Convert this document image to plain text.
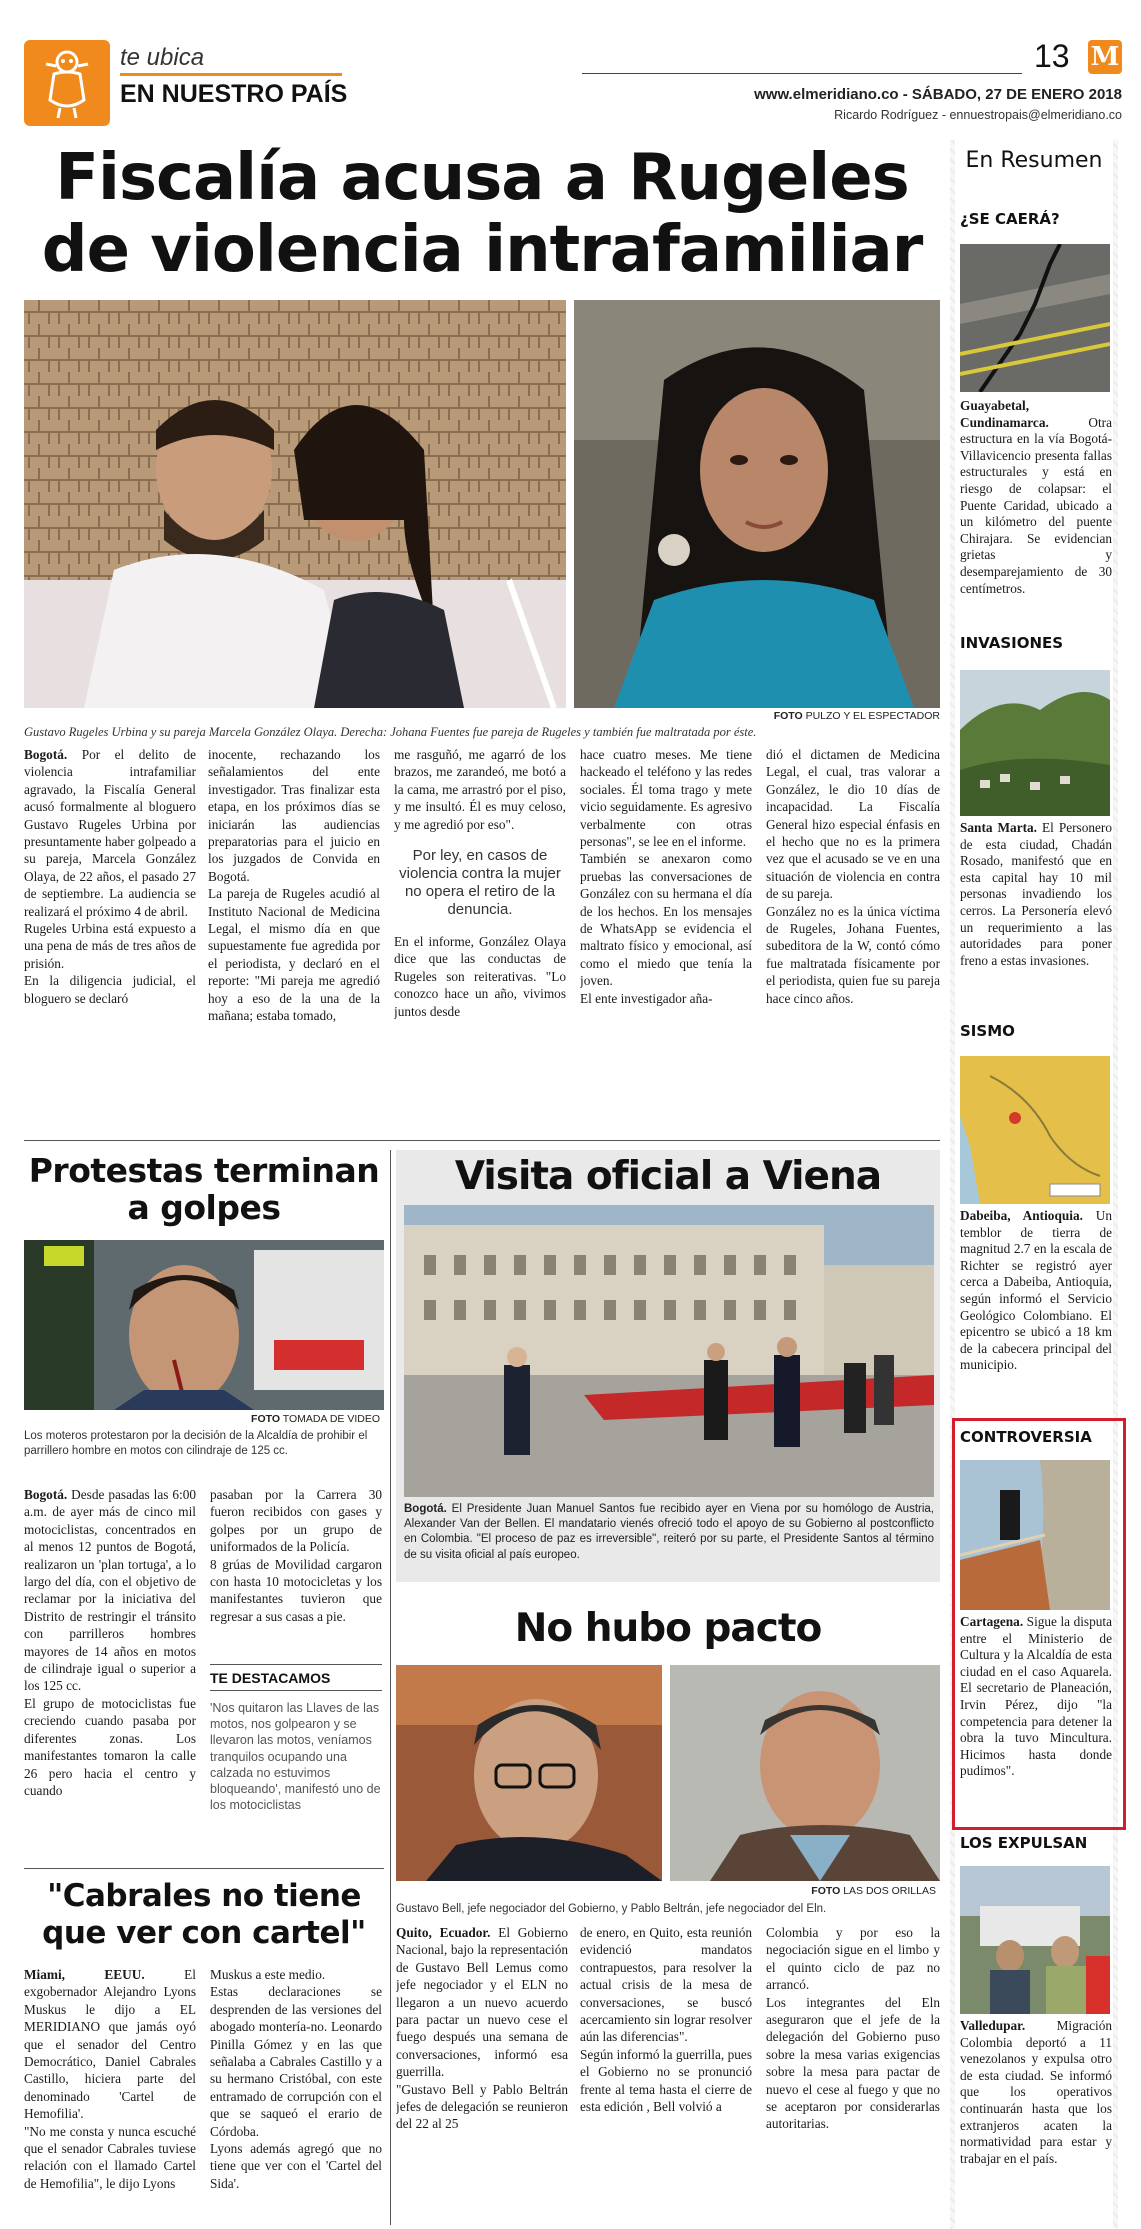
te ubica
EN NUESTRO PAÍS
13 M
www.elmeridiano.co - SÁBADO, 27 DE ENERO 2018
Ricardo Rodríguez - ennuestropais@elmeridiano.co
Fiscalía acusa a Rugeles
de violencia intrafamiliar
FOTO PULZO Y EL ESPECTADOR
Gustavo Rugeles Urbina y su pareja Marcela González Olaya. Derecha: Johana Fuentes fue pareja de Rugeles y también fue maltratada por éste.

Bogotá. Por el delito de violencia intrafamiliar agravado, la Fiscalía General acusó formalmente al bloguero Gustavo Rugeles Urbina por presuntamente haber golpeado a su pareja, Marcela González Olaya, de 22 años, el pasado 27 de septiembre. La audiencia se realizará el próximo 4 de abril.

Rugeles Urbina está expuesto a una pena de más de tres años de prisión.

En la diligencia judicial, el bloguero se declaró

inocente, rechazando los señalamientos del ente investigador. Tras finalizar esta etapa, en los próximos días se iniciarán las audiencias preparatorias para el juicio en los juzgados de Convida en Bogotá.

La pareja de Rugeles acudió al Instituto Nacional de Medicina Legal, el mismo día en que supuestamente fue agredida por el periodista, y declaró en el reporte: "Mi pareja me agredió hoy a eso de la una de la mañana; estaba tomado,

me rasguñó, me agarró de los brazos, me zarandeó, me botó a la cama, me arrastró por el piso, y me insultó. Él es muy celoso, y me agredió por eso".

Por ley, en casos de violencia contra la mujer no opera el retiro de la denuncia.

En el informe, González Olaya dice que las conductas de Rugeles son reiterativas. "Lo conozco hace un año, vivimos juntos desde

hace cuatro meses. Me tiene hackeado el teléfono y las redes sociales. Él toma trago y mete vicio seguidamente. Es agresivo verbalmente con otras personas", se lee en el informe.

También se anexaron como pruebas las conversaciones de González con su hermana el día de los hechos. En los mensajes de WhatsApp se evidencia el maltrato físico y emocional, así como el miedo que tenía la joven.

El ente investigador aña-

dió el dictamen de Medicina Legal, el cual, tras valorar a González, le dio 10 días de incapacidad. La Fiscalía General hizo especial énfasis en el hecho que no es la primera vez que el acusado se ve en una situación de violencia en contra de su pareja.

González no es la única víctima de Rugeles, Johana Fuentes, subeditora de la W, contó cómo fue maltratada físicamente por el periodista, quien fue su pareja hace cinco años.

Protestas terminan
a golpes
FOTO TOMADA DE VIDEO
Los moteros protestaron por la decisión de la Alcaldía de prohibir el parrillero hombre en motos con cilindraje de 125 cc.

Bogotá. Desde pasadas las 6:00 a.m. de ayer más de cinco mil motociclistas, concentrados en al menos 12 puntos de Bogotá, realizaron un 'plan tortuga', a lo largo del día, con el objetivo de reclamar por la iniciativa del Distrito de restringir el tránsito con parrilleros hombres mayores de 14 años en motos de cilindraje igual o superior a los 125 cc.

El grupo de motociclistas fue creciendo cuando pasaba por diferentes zonas. Los manifestantes tomaron la calle 26 pero hacia el centro y cuando

pasaban por la Carrera 30 fueron recibidos con gases y golpes por un grupo de uniformados de la Policía.

8 grúas de Movilidad cargaron con hasta 10 motocicletas y los manifestantes tuvieron que regresar a sus casas a pie.

TE DESTACAMOS
'Nos quitaron las Llaves de las motos, nos golpearon y se llevaron las motos, veníamos tranquilos ocupando una calzada no estuvimos bloqueando', manifestó uno de los motociclistas
"Cabrales no tiene
que ver con cartel"

Miami, EEUU.	El exgobernador Alejandro Lyons Muskus le dijo a EL MERIDIANO que jamás oyó que el senador del Centro Democrático, Daniel Cabrales Castillo, hiciera parte del denominado 'Cartel de Hemofilia'.

"No me consta y nunca escuché que el senador Cabrales tuviese relación con el llamado Cartel de Hemofilia", le dijo Lyons

Muskus a este medio.

Estas declaraciones se desprenden de las versiones del abogado montería-no. Leonardo Pinilla Gómez y en las que señalaba a Cabrales Castillo y a su hermano Cristóbal, con este entramado de corrupción con el que se saqueó el erario de Córdoba.

Lyons además agregó que no tiene que ver con el 'Cartel del Sida'.

Visita oficial a Viena
Bogotá. El Presidente Juan Manuel Santos fue recibido ayer en Viena por su homólogo de Austria, Alexander Van der Bellen. El mandatario vienés ofreció todo el apoyo de su Gobierno al postconflicto en Colombia. "El proceso de paz es irreversible", reiteró por su parte, el Presidente Santos al término de su visita oficial al país europeo.
No hubo pacto
FOTO LAS DOS ORILLAS
Gustavo Bell, jefe negociador del Gobierno, y Pablo Beltrán, jefe negociador del Eln.

Quito, Ecuador. El Gobierno Nacional, bajo la representación de Gustavo Bell Lemus como jefe negociador y el ELN no llegaron a un nuevo acuerdo para pactar un nuevo cese el fuego después una semana de conversaciones, informó esa guerrilla.

"Gustavo Bell y Pablo Beltrán jefes de delegación se reunieron del 22 al 25

de enero, en Quito, esta reunión evidenció mandatos contrapuestos, para resolver la actual crisis de la mesa de conversaciones, se buscó acercamiento sin lograr resolver aún las diferencias".

Según informó la guerrilla, pues el Gobierno no se pronunció frente al tema hasta el cierre de esta edición , Bell volvió a

Colombia y por eso la negociación sigue en el limbo y el quinto ciclo de paz no arrancó.

Los integrantes del Eln aseguraron que el jefe de la delegación del Gobierno puso sobre la mesa varias exigencias sobre la mesa para pactar de nuevo el cese al fuego y que no se aceptaron por considerarlas autoritarias.

En Resumen
¿SE CAERÁ?
Guayabetal, Cundinamarca.	Otra estructura en la vía Bogotá-Villavicencio presenta fallas estructurales y está en riesgo de colapsar: el Puente Caridad, ubicado a un kilómetro del puente Chirajara. Se evidencian grietas y desemparejamiento de 30 centímetros.
INVASIONES
Santa Marta. El Personero de esta ciudad, Chadán Rosado, manifestó que en esta capital hay 10 mil personas invadiendo los cerros. La Personería elevó un requerimiento a las autoridades para poner freno a estas invasiones.
SISMO
Dabeiba, Antioquia. Un temblor de tierra de magnitud 2.7 en la escala de Richter se registró ayer cerca a Dabeiba, Antioquia, según informó el Servicio Geológico Colombiano. El epicentro se ubicó a 18 km de la cabecera principal del municipio.
CONTROVERSIA
Cartagena. Sigue la disputa entre el Ministerio de Cultura y la Alcaldía de esta ciudad en el caso Aquarela. El secretario de Planeación, Irvin Pérez, dijo "la competencia para detener la obra la tuvo Mincultura. Hicimos hasta donde pudimos".
LOS EXPULSAN
Valledupar. Migración Colombia deportó a 11 venezolanos y expulsa otro de esta ciudad. Se informó que los operativos continuarán hasta que los extranjeros acaten la normatividad para estar y trabajar en el país.
